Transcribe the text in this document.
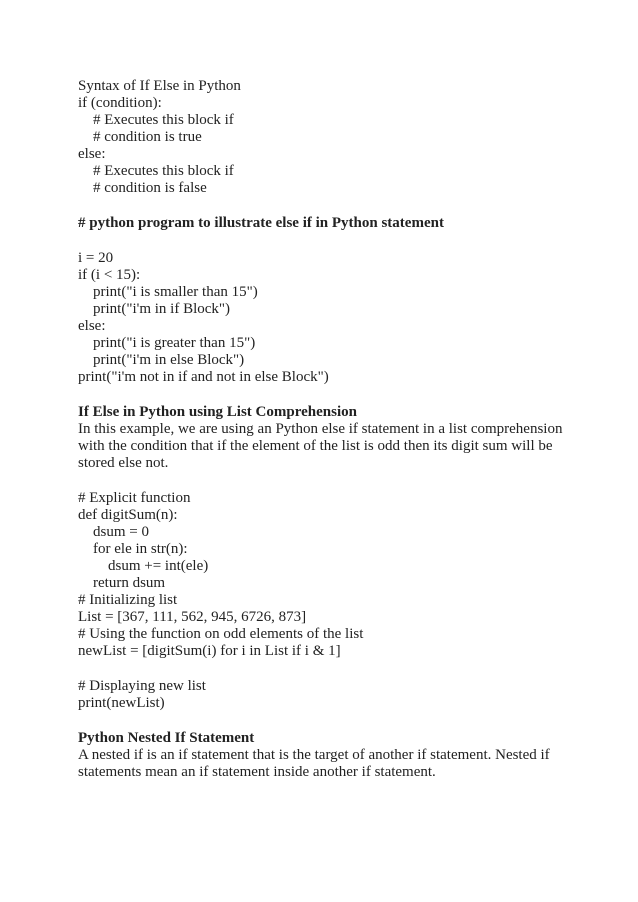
Syntax of If Else in Python
if (condition):
# Executes this block if
# condition is true
else:
# Executes this block if
# condition is false
# python program to illustrate else if in Python statement
i = 20
if (i < 15):
print("i is smaller than 15")
print("i'm in if Block")
else:
print("i is greater than 15")
print("i'm in else Block")
print("i'm not in if and not in else Block")
If Else in Python using List Comprehension
In this example, we are using an Python else if statement in a list comprehension
with the condition that if the element of the list is odd then its digit sum will be
stored else not.
# Explicit function
def digitSum(n):
dsum = 0
for ele in str(n):
dsum += int(ele)
return dsum
# Initializing list
List = [367, 111, 562, 945, 6726, 873]
# Using the function on odd elements of the list
newList = [digitSum(i) for i in List if i & 1]
# Displaying new list
print(newList)
Python Nested If Statement
A nested if is an if statement that is the target of another if statement. Nested if
statements mean an if statement inside another if statement.
